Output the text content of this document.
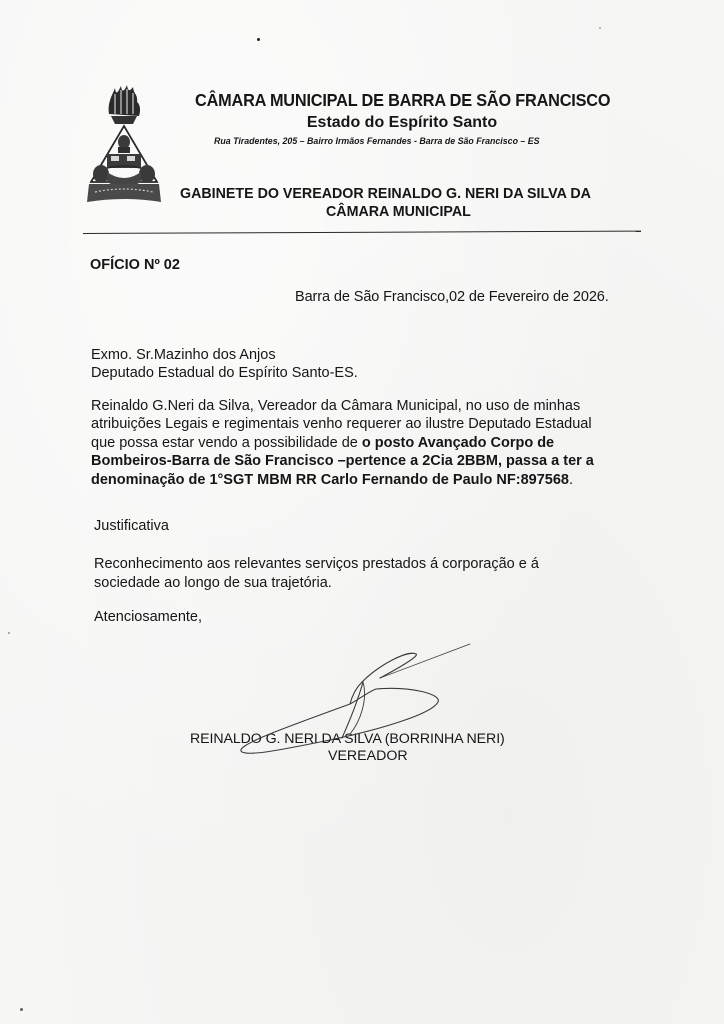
CÂMARA MUNICIPAL DE BARRA DE SÃO FRANCISCO
Estado do Espírito Santo
Rua Tiradentes, 205 – Bairro Irmãos Fernandes - Barra de São Francisco – ES
GABINETE DO VEREADOR REINALDO G. NERI DA SILVA DA
CÂMARA MUNICIPAL
OFÍCIO Nº 02
Barra de São Francisco,02 de Fevereiro de 2026.
Exmo. Sr.Mazinho dos Anjos
Deputado Estadual do Espírito Santo-ES.
Reinaldo G.Neri da Silva, Vereador da Câmara Municipal, no uso de minhas
atribuições Legais e regimentais venho requerer ao ilustre Deputado Estadual
que possa estar vendo a possibilidade de o posto Avançado Corpo de
Bombeiros-Barra de São Francisco –pertence a 2Cia 2BBM, passa a ter a
denominação de 1°SGT MBM RR Carlo Fernando de Paulo NF:897568.
Justificativa
Reconhecimento aos relevantes serviços prestados á corporação e á
sociedade ao longo de sua trajetória.
Atenciosamente,
REINALDO G. NERI DA SILVA (BORRINHA NERI)
VEREADOR
